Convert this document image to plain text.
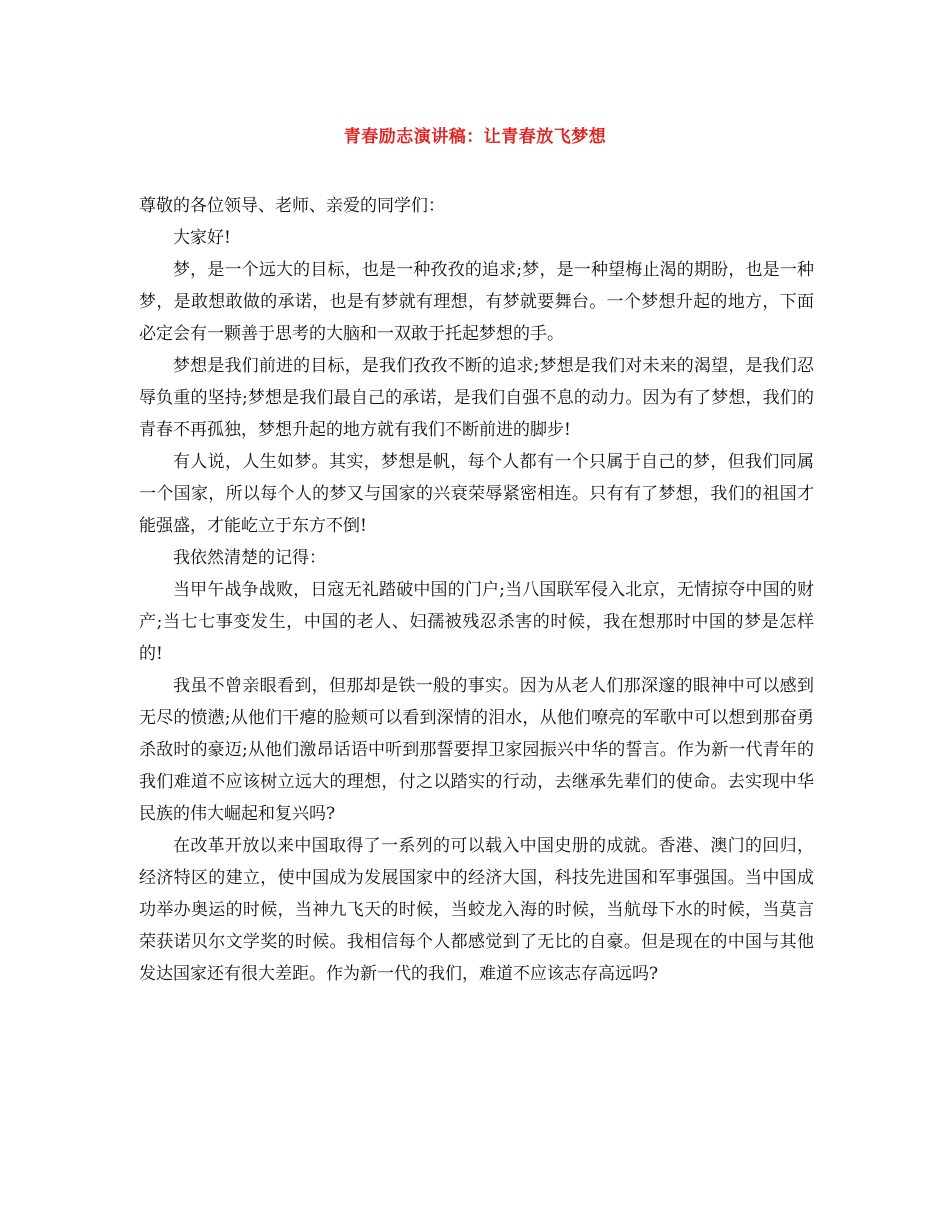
青春励志演讲稿：让青春放飞梦想

尊敬的各位领导、老师、亲爱的同学们：

大家好!

梦，是一个远大的目标，也是一种孜孜的追求;梦，是一种望梅止渴的期盼，也是一种梦，是敢想敢做的承诺，也是有梦就有理想，有梦就要舞台。一个梦想升起的地方，下面必定会有一颗善于思考的大脑和一双敢于托起梦想的手。

梦想是我们前进的目标，是我们孜孜不断的追求;梦想是我们对未来的渴望，是我们忍辱负重的坚持;梦想是我们最自己的承诺，是我们自强不息的动力。因为有了梦想，我们的青春不再孤独，梦想升起的地方就有我们不断前进的脚步!

有人说，人生如梦。其实，梦想是帆，每个人都有一个只属于自己的梦，但我们同属一个国家，所以每个人的梦又与国家的兴衰荣辱紧密相连。只有有了梦想，我们的祖国才能强盛，才能屹立于东方不倒!

我依然清楚的记得：

当甲午战争战败，日寇无礼踏破中国的门户;当八国联军侵入北京，无情掠夺中国的财产;当七七事变发生，中国的老人、妇孺被残忍杀害的时候，我在想那时中国的梦是怎样的!

我虽不曾亲眼看到，但那却是铁一般的事实。因为从老人们那深邃的眼神中可以感到无尽的愤懑;从他们干瘪的脸颊可以看到深情的泪水，从他们嘹亮的军歌中可以想到那奋勇杀敌时的豪迈;从他们激昂话语中听到那誓要捍卫家园振兴中华的誓言。作为新一代青年的我们难道不应该树立远大的理想，付之以踏实的行动，去继承先辈们的使命。去实现中华民族的伟大崛起和复兴吗?

在改革开放以来中国取得了一系列的可以载入中国史册的成就。香港、澳门的回归，经济特区的建立，使中国成为发展国家中的经济大国，科技先进国和军事强国。当中国成功举办奥运的时候，当神九飞天的时候，当蛟龙入海的时候，当航母下水的时候，当莫言荣获诺贝尔文学奖的时候。我相信每个人都感觉到了无比的自豪。但是现在的中国与其他发达国家还有很大差距。作为新一代的我们，难道不应该志存高远吗?
